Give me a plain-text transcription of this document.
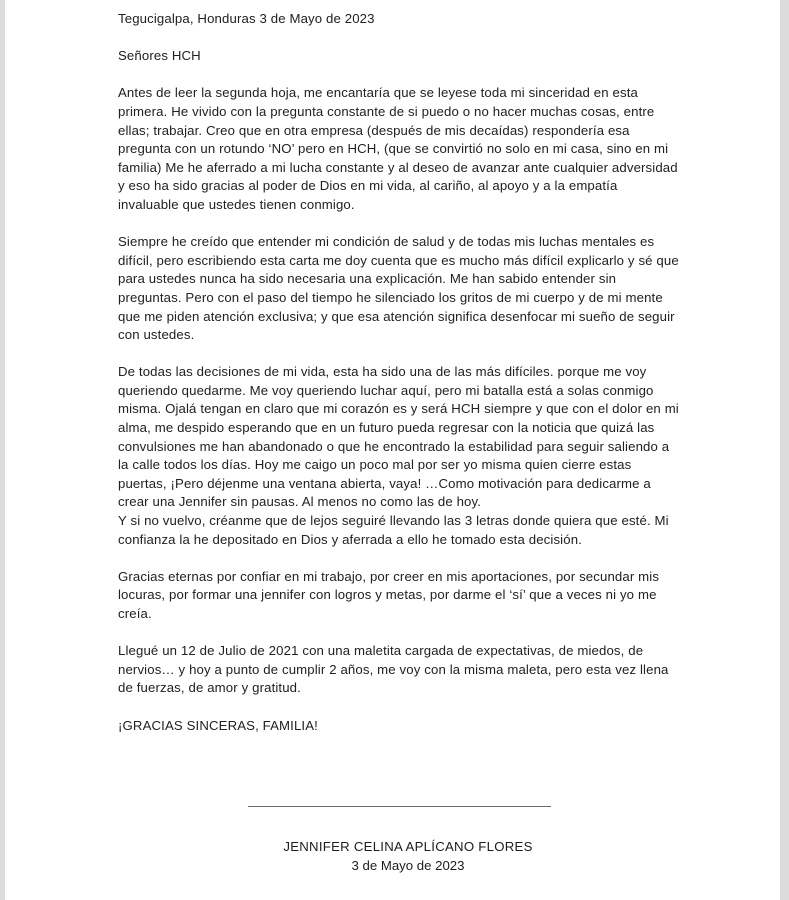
Tegucigalpa, Honduras 3 de Mayo de 2023
Señores HCH

Antes de leer la segunda hoja, me encantaría que se leyese toda mi sinceridad en esta primera. He vivido con la pregunta constante de si puedo o no hacer muchas cosas, entre ellas; trabajar. Creo que en otra empresa (después de mis decaídas) respondería esa pregunta con un rotundo ‘NO’ pero en HCH, (que se convirtió no solo en mi casa, sino en mi familia) Me he aferrado a mi lucha constante y al deseo de avanzar ante cualquier adversidad y eso ha sido gracias al poder de Dios en mi vida, al cariño, al apoyo y a la empatía invaluable que ustedes tienen conmigo.

Siempre he creído que entender mi condición de salud y de todas mis luchas mentales es difícil, pero escribiendo esta carta me doy cuenta que es mucho más difícil explicarlo y sé que para ustedes nunca ha sido necesaria una explicación. Me han sabido entender sin preguntas. Pero con el paso del tiempo he silenciado los gritos de mi cuerpo y de mi mente que me piden atención exclusiva; y que esa atención significa desenfocar mi sueño de seguir con ustedes.

De todas las decisiones de mi vida, esta ha sido una de las más difíciles. porque me voy queriendo quedarme. Me voy queriendo luchar aquí, pero mi batalla está a solas conmigo misma. Ojalá tengan en claro que mi corazón es y será HCH siempre y que con el dolor en mi alma, me despido esperando que en un futuro pueda regresar con la noticia que quizá las convulsiones me han abandonado o que he encontrado la estabilidad para seguir saliendo a la calle todos los días. Hoy me caigo un poco mal por ser yo misma quien cierre estas puertas, ¡Pero déjenme una ventana abierta, vaya! …Como motivación para dedicarme a crear una Jennifer sin pausas. Al menos no como las de hoy.

Y si no vuelvo, créanme que de lejos seguiré llevando las 3 letras donde quiera que esté. Mi confianza la he depositado en Dios y aferrada a ello he tomado esta decisión.

Gracias eternas por confiar en mi trabajo, por creer en mis aportaciones, por secundar mis locuras, por formar una jennifer con logros y metas, por darme el ‘sí’ que a veces ni yo me creía.

Llegué un 12 de Julio de 2021 con una maletita cargada de expectativas, de miedos, de nervios… y hoy a punto de cumplir 2 años, me voy con la misma maleta, pero esta vez llena de fuerzas, de amor y gratitud.

¡GRACIAS SINCERAS, FAMILIA!

JENNIFER CELINA APLÍCANO FLORES
3 de Mayo de 2023
